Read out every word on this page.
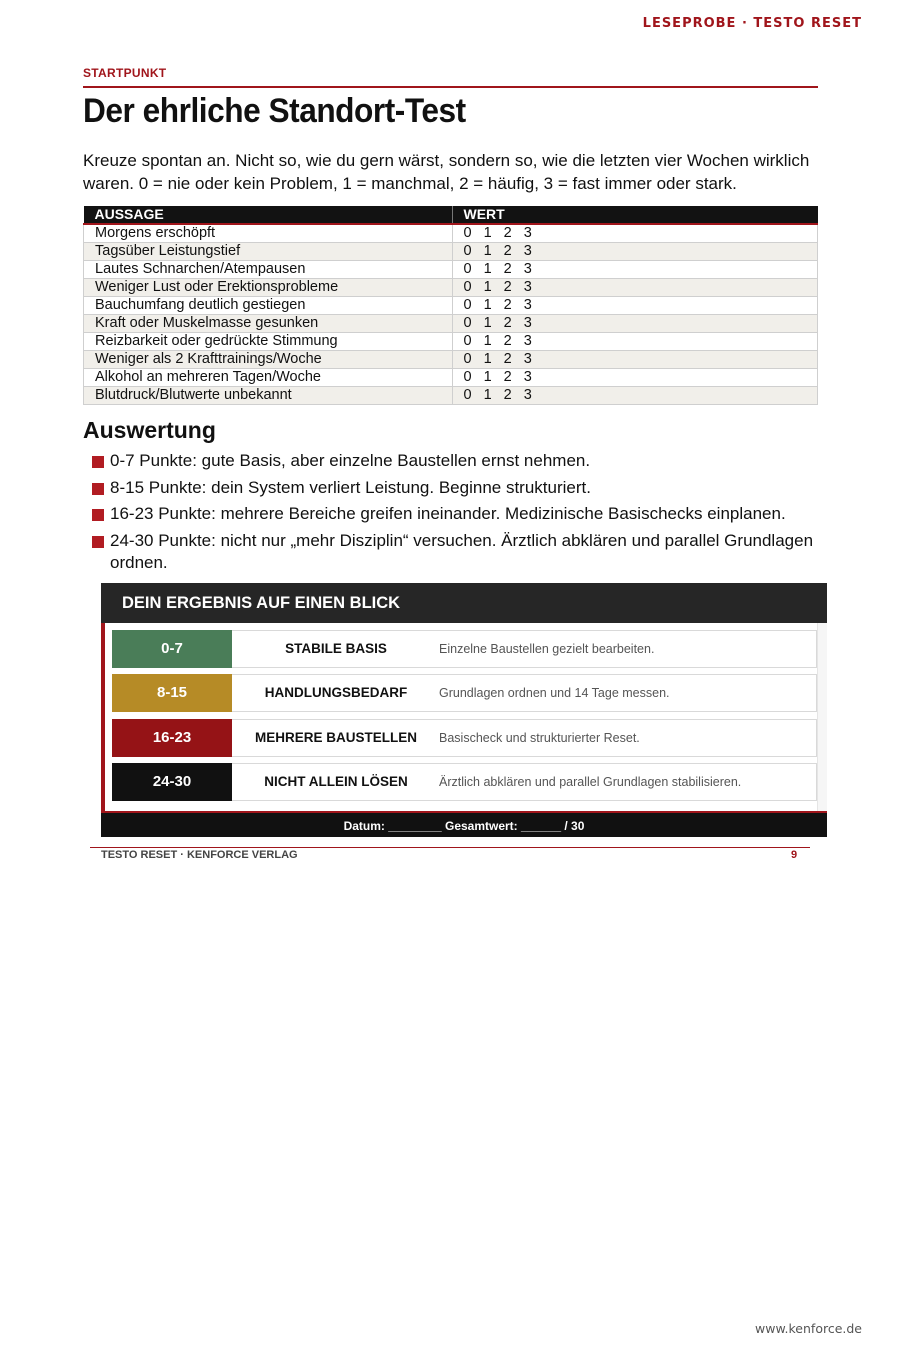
LESEPROBE · TESTO RESET
STARTPUNKT
Der ehrliche Standort-Test
Kreuze spontan an. Nicht so, wie du gern wärst, sondern so, wie die letzten vier Wochen wirklich waren. 0 = nie oder kein Problem, 1 = manchmal, 2 = häufig, 3 = fast immer oder stark.
AUSSAGE	WERT
Morgens erschöpft	0 1 2 3
Tagsüber Leistungstief	0 1 2 3
Lautes Schnarchen/Atempausen	0 1 2 3
Weniger Lust oder Erektionsprobleme	0 1 2 3
Bauchumfang deutlich gestiegen	0 1 2 3
Kraft oder Muskelmasse gesunken	0 1 2 3
Reizbarkeit oder gedrückte Stimmung	0 1 2 3
Weniger als 2 Krafttrainings/Woche	0 1 2 3
Alkohol an mehreren Tagen/Woche	0 1 2 3
Blutdruck/Blutwerte unbekannt	0 1 2 3
Auswertung
0-7 Punkte: gute Basis, aber einzelne Baustellen ernst nehmen.
8-15 Punkte: dein System verliert Leistung. Beginne strukturiert.
16-23 Punkte: mehrere Bereiche greifen ineinander. Medizinische Basischecks einplanen.
24-30 Punkte: nicht nur „mehr Disziplin“ versuchen. Ärztlich abklären und parallel Grundlagen ordnen.
DEIN ERGEBNIS AUF EINEN BLICK
0-7	STABILE BASIS	Einzelne Baustellen gezielt bearbeiten.
8-15	HANDLUNGSBEDARF	Grundlagen ordnen und 14 Tage messen.
16-23	MEHRERE BAUSTELLEN	Basischeck und strukturierter Reset.
24-30	NICHT ALLEIN LÖSEN	Ärztlich abklären und parallel Grundlagen stabilisieren.
Datum: ________ Gesamtwert: ______ / 30
TESTO RESET · KENFORCE VERLAG	9
www.kenforce.de
